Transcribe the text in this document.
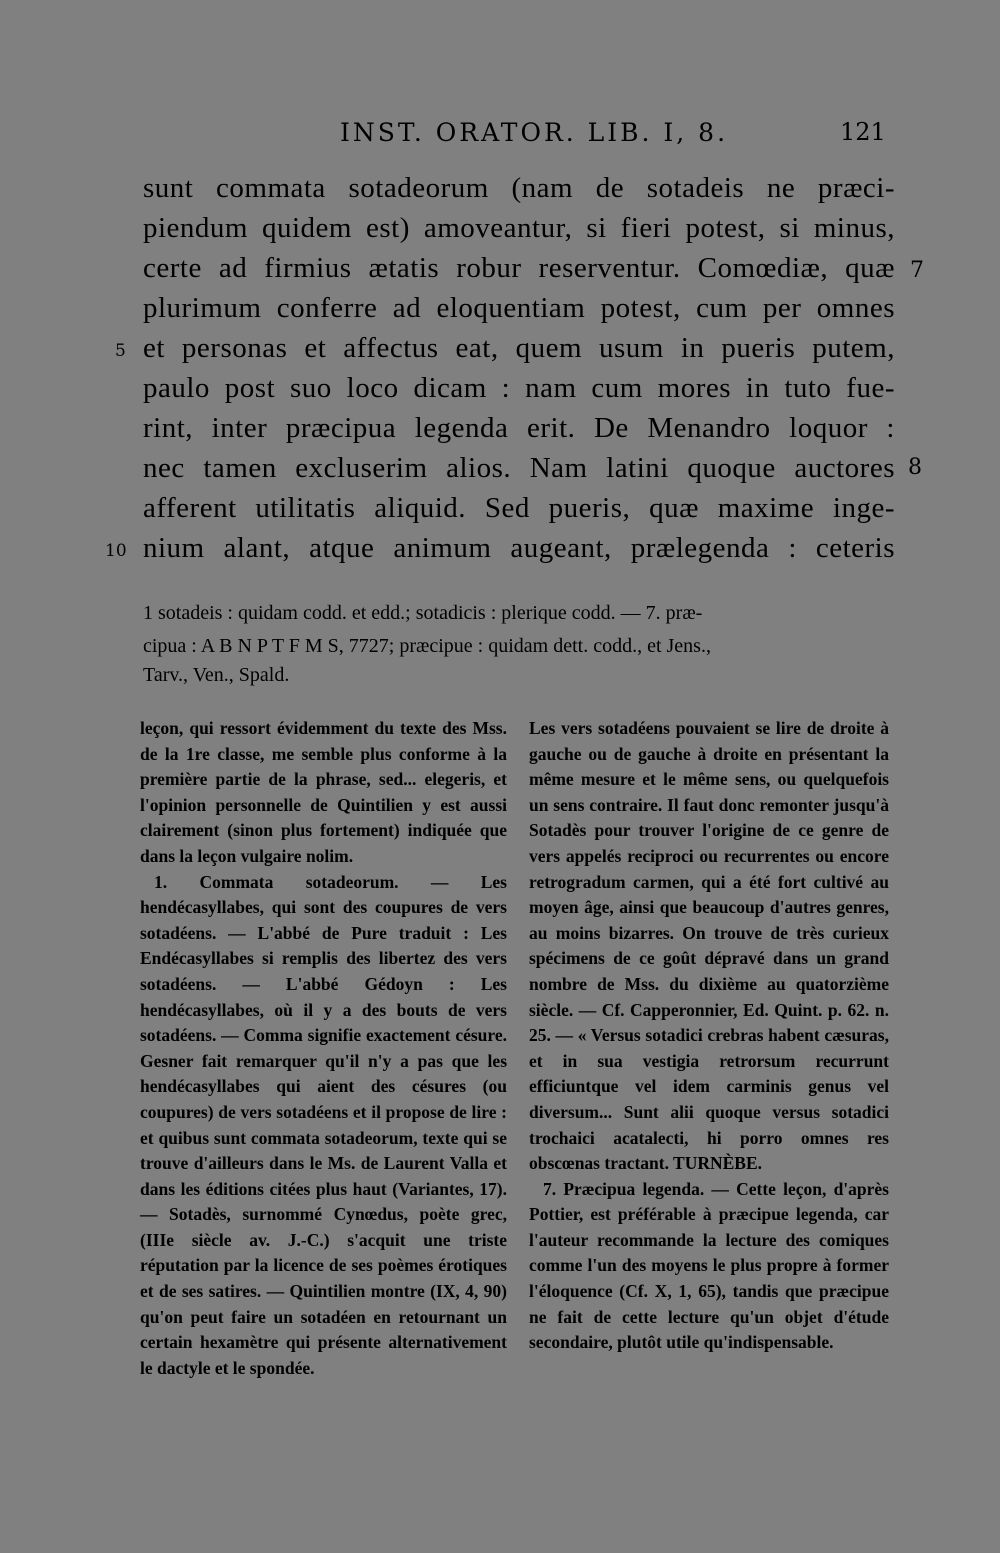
INST. ORATOR. LIB. I, 8.	121
sunt commata sotadeorum (nam de sotadeis ne præci-
piendum quidem est) amoveantur, si fieri potest, si minus,
certe ad firmius ætatis robur reserventur. Comœdiæ, quæ
plurimum conferre ad eloquentiam potest, cum per omnes
et personas et affectus eat, quem usum in pueris putem,
paulo post suo loco dicam : nam cum mores in tuto fue-
rint, inter præcipua legenda erit. De Menandro loquor :
nec tamen excluserim alios. Nam latini quoque auctores
afferent utilitatis aliquid. Sed pueris, quæ maxime inge-
nium alant, atque animum augeant, prælegenda : ceteris
5
10
7
8
1 sotadeis : quidam codd. et edd.; sotadicis : plerique codd. — 7. præ-
cipua : A B N P T F M S, 7727; præcipue : quidam dett. codd., et Jens.,
Tarv., Ven., Spald.

leçon, qui ressort évidemment du texte des Mss. de la 1re classe, me semble plus conforme à la première partie de la phrase, sed... elegeris, et l'opinion personnelle de Quintilien y est aussi clairement (sinon plus fortement) indiquée que dans la leçon vulgaire nolim.

1. Commata sotadeorum. — Les hendécasyllabes, qui sont des coupures de vers sotadéens. — L'abbé de Pure traduit : Les Endécasyllabes si remplis des libertez des vers sotadéens. — L'abbé Gédoyn : Les hendécasyllabes, où il y a des bouts de vers sotadéens. — Comma signifie exactement césure. Gesner fait remarquer qu'il n'y a pas que les hendécasyllabes qui aient des césures (ou coupures) de vers sotadéens et il propose de lire : et quibus sunt commata sotadeorum, texte qui se trouve d'ailleurs dans le Ms. de Laurent Valla et dans les éditions citées plus haut (Variantes, 17).— Sotadès, surnommé Cynœdus, poète grec, (IIIe siècle av. J.-C.) s'acquit une triste réputation par la licence de ses poèmes érotiques et de ses satires. — Quintilien montre (IX, 4, 90) qu'on peut faire un sotadéen en retournant un certain hexamètre qui présente alternativement le dactyle et le spondée.

Les vers sotadéens pouvaient se lire de droite à gauche ou de gauche à droite en présentant la même mesure et le même sens, ou quelquefois un sens contraire. Il faut donc remonter jusqu'à Sotadès pour trouver l'origine de ce genre de vers appelés reciproci ou recurrentes ou encore retrogradum carmen, qui a été fort cultivé au moyen âge, ainsi que beaucoup d'autres genres, au moins bizarres. On trouve de très curieux spécimens de ce goût dépravé dans un grand nombre de Mss. du dixième au quatorzième siècle. — Cf. Capperonnier, Ed. Quint. p. 62. n. 25. — « Versus sotadici crebras habent cæsuras, et in sua vestigia retrorsum recurrunt efficiuntque vel idem carminis genus vel diversum... Sunt alii quoque versus sotadici trochaici acatalecti, hi porro omnes res obscœnas tractant. TURNÈBE.

7. Præcipua legenda. — Cette leçon, d'après Pottier, est préférable à præcipue legenda, car l'auteur recommande la lecture des comiques comme l'un des moyens le plus propre à former l'éloquence (Cf. X, 1, 65), tandis que præcipue ne fait de cette lecture qu'un objet d'étude secondaire, plutôt utile qu'indispensable.
